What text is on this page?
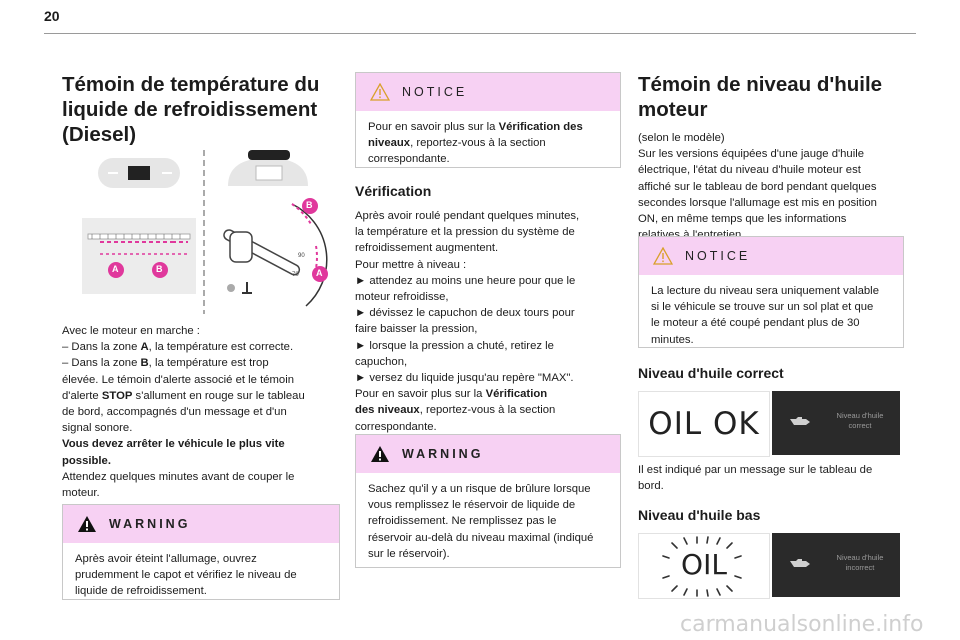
20
Témoin de température du
liquide de refroidissement
(Diesel)
B
A
A	B
90
70
Avec le moteur en marche :
– Dans la zone A, la température est correcte.
– Dans la zone B, la température est trop
élevée. Le témoin d'alerte associé et le témoin
d'alerte STOP s'allument en rouge sur le tableau
de bord, accompagnés d'un message et d'un
signal sonore.
Vous devez arrêter le véhicule le plus vite
possible.
Attendez quelques minutes avant de couper le
moteur.
WARNING
Après avoir éteint l'allumage, ouvrez
prudemment le capot et vérifiez le niveau de
liquide de refroidissement.
NOTICE
Pour en savoir plus sur la Vérification des
niveaux, reportez-vous à la section
correspondante.
Vérification
Après avoir roulé pendant quelques minutes,
la température et la pression du système de
refroidissement augmentent.
Pour mettre à niveau :
► attendez au moins une heure pour que le
moteur refroidisse,
► dévissez le capuchon de deux tours pour
faire baisser la pression,
► lorsque la pression a chuté, retirez le
capuchon,
► versez du liquide jusqu'au repère "MAX".
Pour en savoir plus sur la Vérification
des niveaux, reportez-vous à la section
correspondante.
WARNING
Sachez qu'il y a un risque de brûlure lorsque
vous remplissez le réservoir de liquide de
refroidissement. Ne remplissez pas le
réservoir au-delà du niveau maximal (indiqué
sur le réservoir).
Témoin de niveau d'huile
moteur
(selon le modèle)
Sur les versions équipées d'une jauge d'huile
électrique, l'état du niveau d'huile moteur est
affiché sur le tableau de bord pendant quelques
secondes lorsque l'allumage est mis en position
ON, en même temps que les informations
NOTICE
La lecture du niveau sera uniquement valable
si le véhicule se trouve sur un sol plat et que
le moteur a été coupé pendant plus de 30
minutes.
Niveau d'huile correct
OIL OK	Niveau d'huile
correct
Il est indiqué par un message sur le tableau de
bord.
Niveau d'huile bas
OIL	Niveau d'huile
incorrect
carmanualsonline.info
